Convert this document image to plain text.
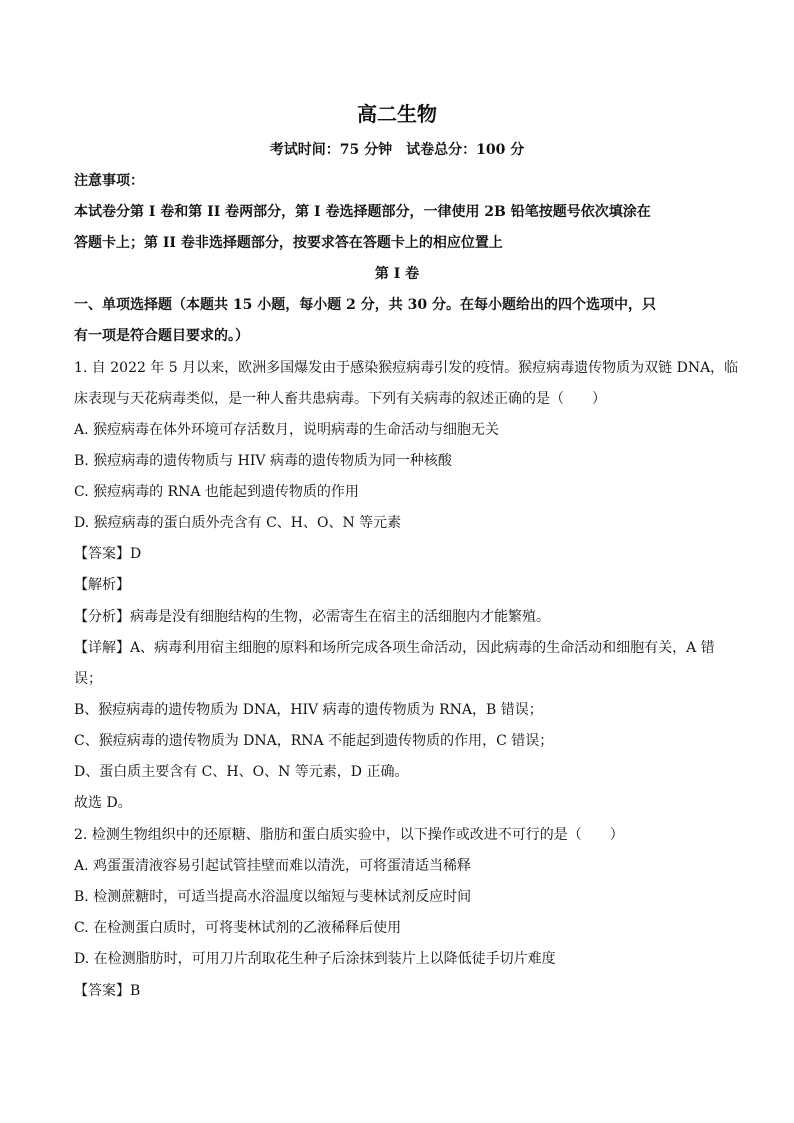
高二生物
考试时间：75 分钟　试卷总分：100 分
注意事项：
本试卷分第 I 卷和第 II 卷两部分，第 I 卷选择题部分，一律使用 2B 铅笔按题号依次填涂在
答题卡上；第 II 卷非选择题部分，按要求答在答题卡上的相应位置上
第 I 卷
一、单项选择题（本题共 15 小题，每小题 2 分，共 30 分。在每小题给出的四个选项中，只
有一项是符合题目要求的。）
1. 自 2022 年 5 月以来，欧洲多国爆发由于感染猴痘病毒引发的疫情。猴痘病毒遗传物质为双链 DNA，临
床表现与天花病毒类似，是一种人畜共患病毒。下列有关病毒的叙述正确的是（　　）
A. 猴痘病毒在体外环境可存活数月，说明病毒的生命活动与细胞无关
B. 猴痘病毒的遗传物质与 HIV 病毒的遗传物质为同一种核酸
C. 猴痘病毒的 RNA 也能起到遗传物质的作用
D. 猴痘病毒的蛋白质外壳含有 C、H、O、N 等元素
【答案】D
【解析】
【分析】病毒是没有细胞结构的生物，必需寄生在宿主的活细胞内才能繁殖。
【详解】A、病毒利用宿主细胞的原料和场所完成各项生命活动，因此病毒的生命活动和细胞有关，A 错
误；
B、猴痘病毒的遗传物质为 DNA，HIV 病毒的遗传物质为 RNA，B 错误；
C、猴痘病毒的遗传物质为 DNA，RNA 不能起到遗传物质的作用，C 错误；
D、蛋白质主要含有 C、H、O、N 等元素，D 正确。
故选 D。
2. 检测生物组织中的还原糖、脂肪和蛋白质实验中，以下操作或改进不可行的是（　　）
A. 鸡蛋蛋清液容易引起试管挂壁而难以清洗，可将蛋清适当稀释
B. 检测蔗糖时，可适当提高水浴温度以缩短与斐林试剂反应时间
C. 在检测蛋白质时，可将斐林试剂的乙液稀释后使用
D. 在检测脂肪时，可用刀片刮取花生种子后涂抹到装片上以降低徒手切片难度
【答案】B
